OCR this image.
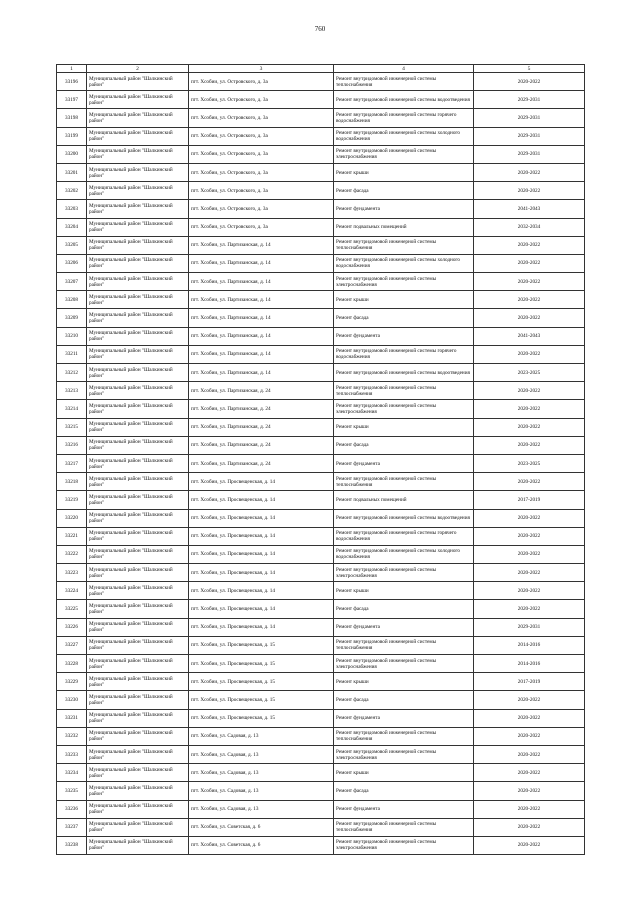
760
1	2	3	4	5
33196	Муниципальный район "Шалкинский район"	пгт. Хсобии, ул. Островского, д. 3а	Ремонт внутридомовой инженерной системы теплоснабжения	2020-2022
33197	Муниципальный район "Шалкинский район"	пгт. Хсобии, ул. Островского, д. 3а	Ремонт внутридомовой инженерной системы водоотведения	2029-2031
33198	Муниципальный район "Шалкинский район"	пгт. Хсобии, ул. Островского, д. 3а	Ремонт внутридомовой инженерной системы горячего водоснабжения	2029-2031
33199	Муниципальный район "Шалкинский район"	пгт. Хсобии, ул. Островского, д. 3а	Ремонт внутридомовой инженерной системы холодного водоснабжения	2029-2031
33200	Муниципальный район "Шалкинский район"	пгт. Хсобии, ул. Островского, д. 3а	Ремонт внутридомовой инженерной системы электроснабжения	2029-2031
33201	Муниципальный район "Шалкинский район"	пгт. Хсобии, ул. Островского, д. 3а	Ремонт крыши	2020-2022
33202	Муниципальный район "Шалкинский район"	пгт. Хсобии, ул. Островского, д. 3а	Ремонт фасада	2020-2022
33203	Муниципальный район "Шалкинский район"	пгт. Хсобии, ул. Островского, д. 3а	Ремонт фундамента	2041-2043
33204	Муниципальный район "Шалкинский район"	пгт. Хсобии, ул. Островского, д. 3а	Ремонт подвальных помещений	2032-2034
33205	Муниципальный район "Шалкинский район"	пгт. Хсобии, ул. Партизанская, д. 14	Ремонт внутридомовой инженерной системы теплоснабжения	2020-2022
33206	Муниципальный район "Шалкинский район"	пгт. Хсобии, ул. Партизанская, д. 14	Ремонт внутридомовой инженерной системы холодного водоснабжения	2020-2022
33207	Муниципальный район "Шалкинский район"	пгт. Хсобии, ул. Партизанская, д. 14	Ремонт внутридомовой инженерной системы электроснабжения	2020-2022
33208	Муниципальный район "Шалкинский район"	пгт. Хсобии, ул. Партизанская, д. 14	Ремонт крыши	2020-2022
33209	Муниципальный район "Шалкинский район"	пгт. Хсобии, ул. Партизанская, д. 14	Ремонт фасада	2020-2022
33210	Муниципальный район "Шалкинский район"	пгт. Хсобии, ул. Партизанская, д. 14	Ремонт фундамента	2041-2043
33211	Муниципальный район "Шалкинский район"	пгт. Хсобии, ул. Партизанская, д. 14	Ремонт внутридомовой инженерной системы горячего водоснабжения	2020-2022
33212	Муниципальный район "Шалкинский район"	пгт. Хсобии, ул. Партизанская, д. 14	Ремонт внутридомовой инженерной системы водоотведения	2023-2025
33213	Муниципальный район "Шалкинский район"	пгт. Хсобии, ул. Партизанская, д. 24	Ремонт внутридомовой инженерной системы теплоснабжения	2020-2022
33214	Муниципальный район "Шалкинский район"	пгт. Хсобии, ул. Партизанская, д. 24	Ремонт внутридомовой инженерной системы электроснабжения	2020-2022
33215	Муниципальный район "Шалкинский район"	пгт. Хсобии, ул. Партизанская, д. 24	Ремонт крыши	2020-2022
33216	Муниципальный район "Шалкинский район"	пгт. Хсобии, ул. Партизанская, д. 24	Ремонт фасада	2020-2022
33217	Муниципальный район "Шалкинский район"	пгт. Хсобии, ул. Партизанская, д. 24	Ремонт фундамента	2023-2025
33218	Муниципальный район "Шалкинский район"	пгт. Хсобии, ул. Просвещенская, д. 14	Ремонт внутридомовой инженерной системы теплоснабжения	2020-2022
33219	Муниципальный район "Шалкинский район"	пгт. Хсобии, ул. Просвещенская, д. 14	Ремонт подвальных помещений	2017-2019
33220	Муниципальный район "Шалкинский район"	пгт. Хсобии, ул. Просвещенская, д. 14	Ремонт внутридомовой инженерной системы водоотведения	2020-2022
33221	Муниципальный район "Шалкинский район"	пгт. Хсобии, ул. Просвещенская, д. 14	Ремонт внутридомовой инженерной системы горячего водоснабжения	2020-2022
33222	Муниципальный район "Шалкинский район"	пгт. Хсобии, ул. Просвещенская, д. 14	Ремонт внутридомовой инженерной системы холодного водоснабжения	2020-2022
33223	Муниципальный район "Шалкинский район"	пгт. Хсобии, ул. Просвещенская, д. 14	Ремонт внутридомовой инженерной системы электроснабжения	2020-2022
33224	Муниципальный район "Шалкинский район"	пгт. Хсобии, ул. Просвещенская, д. 14	Ремонт крыши	2020-2022
33225	Муниципальный район "Шалкинский район"	пгт. Хсобии, ул. Просвещенская, д. 14	Ремонт фасада	2020-2022
33226	Муниципальный район "Шалкинский район"	пгт. Хсобии, ул. Просвещенская, д. 14	Ремонт фундамента	2029-2031
33227	Муниципальный район "Шалкинский район"	пгт. Хсобии, ул. Просвещенская, д. 15	Ремонт внутридомовой инженерной системы теплоснабжения	2014-2016
33228	Муниципальный район "Шалкинский район"	пгт. Хсобии, ул. Просвещенская, д. 15	Ремонт внутридомовой инженерной системы электроснабжения	2014-2016
33229	Муниципальный район "Шалкинский район"	пгт. Хсобии, ул. Просвещенская, д. 15	Ремонт крыши	2017-2019
33230	Муниципальный район "Шалкинский район"	пгт. Хсобии, ул. Просвещенская, д. 15	Ремонт фасада	2020-2022
33231	Муниципальный район "Шалкинский район"	пгт. Хсобии, ул. Просвещенская, д. 15	Ремонт фундамента	2020-2022
33232	Муниципальный район "Шалкинский район"	пгт. Хсобии, ул. Садовая, д. 13	Ремонт внутридомовой инженерной системы теплоснабжения	2020-2022
33233	Муниципальный район "Шалкинский район"	пгт. Хсобии, ул. Садовая, д. 13	Ремонт внутридомовой инженерной системы электроснабжения	2020-2022
33234	Муниципальный район "Шалкинский район"	пгт. Хсобии, ул. Садовая, д. 13	Ремонт крыши	2020-2022
33235	Муниципальный район "Шалкинский район"	пгт. Хсобии, ул. Садовая, д. 13	Ремонт фасада	2020-2022
33236	Муниципальный район "Шалкинский район"	пгт. Хсобии, ул. Садовая, д. 13	Ремонт фундамента	2020-2022
33237	Муниципальный район "Шалкинский район"	пгт. Хсобии, ул. Советская, д. 6	Ремонт внутридомовой инженерной системы теплоснабжения	2020-2022
33238	Муниципальный район "Шалкинский район"	пгт. Хсобии, ул. Советская, д. 6	Ремонт внутридомовой инженерной системы электроснабжения	2020-2022
